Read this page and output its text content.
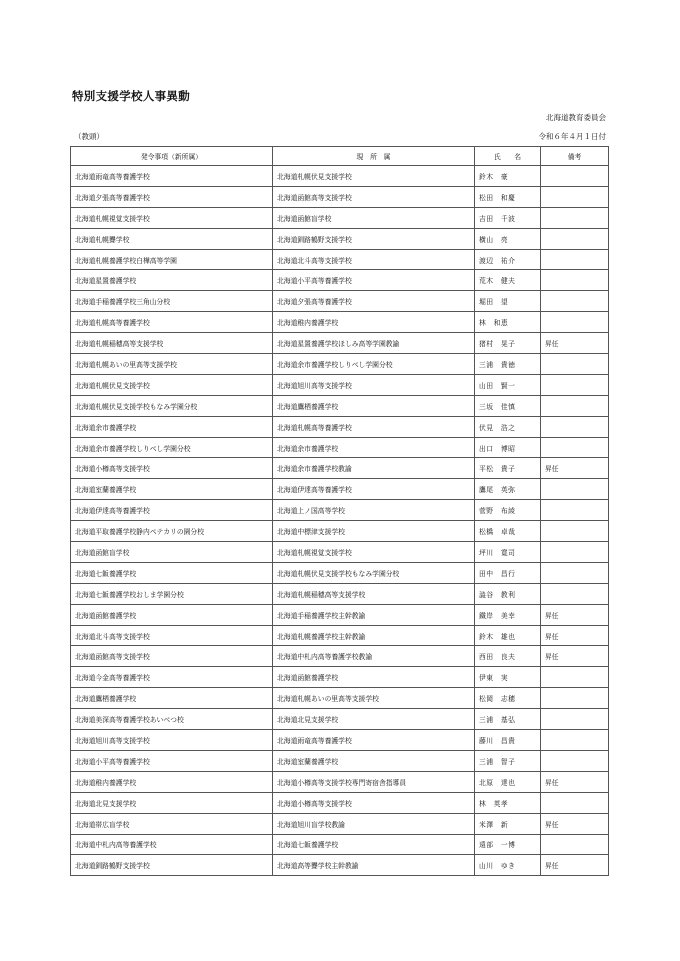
特別支援学校人事異動
北海道教育委員会
（教頭）	令和６年４月１日付
発令事項（新所属）	現　所　属	氏　　名	備考
北海道雨竜高等養護学校	北海道札幌伏見支援学校	鈴木　豪	
北海道夕張高等養護学校	北海道函館高等支援学校	松田　和慶	
北海道札幌視覚支援学校	北海道函館盲学校	吉田　千波	
北海道札幌聾学校	北海道釧路鶴野支援学校	横山　亮	
北海道札幌養護学校白樺高等学園	北海道北斗高等支援学校	渡辺　祐介	
北海道星置養護学校	北海道小平高等養護学校	荒木　健夫	
北海道手稲養護学校三角山分校	北海道夕張高等養護学校	堀田　望	
北海道札幌高等養護学校	北海道稚内養護学校	林　和恵	
北海道札幌稲穂高等支援学校	北海道星置養護学校ほしみ高等学園教諭	猪村　晃子	昇任
北海道札幌あいの里高等支援学校	北海道余市養護学校しりべし学園分校	三浦　貴徳	
北海道札幌伏見支援学校	北海道旭川高等支援学校	山田　賢一	
北海道札幌伏見支援学校もなみ学園分校	北海道鷹栖養護学校	三坂　佳慎	
北海道余市養護学校	北海道札幌高等養護学校	伏見　浩之	
北海道余市養護学校しりべし学園分校	北海道余市養護学校	出口　博昭	
北海道小樽高等支援学校	北海道余市養護学校教諭	平松　貴子	昇任
北海道室蘭養護学校	北海道伊達高等養護学校	鷹尾　英弥	
北海道伊達高等養護学校	北海道上ノ国高等学校	菅野　布綾	
北海道平取養護学校静内ペテカリの園分校	北海道中標津支援学校	松橋　卓哉	
北海道函館盲学校	北海道札幌視覚支援学校	坪川　寛司	
北海道七飯養護学校	北海道札幌伏見支援学校もなみ学園分校	田中　昌行	
北海道七飯養護学校おしま学園分校	北海道札幌稲穂高等支援学校	澁谷　教利	
北海道函館養護学校	北海道手稲養護学校主幹教諭	鐵岸　美幸	昇任
北海道北斗高等支援学校	北海道札幌養護学校主幹教諭	鈴木　雄也	昇任
北海道函館高等支援学校	北海道中札内高等養護学校教諭	西田　良夫	昇任
北海道今金高等養護学校	北海道函館養護学校	伊東　実	
北海道鷹栖養護学校	北海道札幌あいの里高等支援学校	松岡　志穂	
北海道美深高等養護学校あいべつ校	北海道北見支援学校	三浦　基弘	
北海道旭川高等支援学校	北海道雨竜高等養護学校	藤川　昌貴	
北海道小平高等養護学校	北海道室蘭養護学校	三浦　智子	
北海道稚内養護学校	北海道小樽高等支援学校専門寄宿舎指導員	北原　達也	昇任
北海道北見支援学校	北海道小樽高等支援学校	林　英孝	
北海道帯広盲学校	北海道旭川盲学校教諭	米澤　新	昇任
北海道中札内高等養護学校	北海道七飯養護学校	遠部　一博	
北海道釧路鶴野支援学校	北海道高等聾学校主幹教諭	山川　ゆき	昇任
